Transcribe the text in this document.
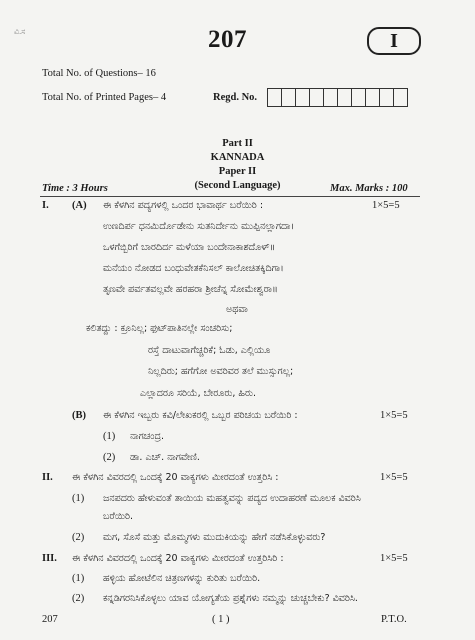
ವಿ.ಸ	207	I
Total No. of Questions– 16
Total No. of Printed Pages– 4	Regd. No.
Part II
KANNADA
Paper II
(Second Language)
Time : 3 Hours	Max. Marks : 100
I. (A) ಈ ಕೆಳಗಿನ ಪದ್ಯಗಳಲ್ಲಿ ಒಂದರ ಭಾವಾರ್ಥ ಬರೆಯಿರಿ :	1×5=5
ಉಣದಿರ್ಪ ಧನಮಿರ್ದೊಡೇನು ಸುತನಿರ್ದೇನು ಮುಪ್ಪಿನಲ್ಲಾಗದಾ।
ಒಳಗೆಬ್ಬಿರಿಗೆ ಬಾರದಿರ್ದ ಮಳೆಯಾ ಬಂದೇನಾಕಾಶದೊಳ್॥
ಮನೆಯಂ ನೋಡದ ಬಂಧುವೇತಕೆನಿಸಲ್ ಕಾಲೋಚಿತಕ್ಕಿದಿಗಾ।
ತೃಣವೇ ಪರ್ವತವಲ್ಲವೇ ಹರಹರಾ ಶ್ರೀಚೆನ್ನ ಸೋಮೇಶ್ವರಾ॥
ಅಥವಾ
ಕಲಿತದ್ದು : ಕ್ರೂನಿಲ್ಲ; ಫುಟ್‌ಪಾತಿನಲ್ಲೇ ಸಂಚರಿಸು;
ರಸ್ತೆ ದಾಟುವಾಗೆಚ್ಚರಿಕೆ; ಓಡು, ಎಲ್ಲಿಯೂ
ನಿಲ್ಲದಿರು; ಹಗೆಗೋ ಅವರಿವರ ತಲೆ ಮುಸ್ಸುಗಲ್ಲ;
ಎಲ್ಲಾದರೂ ಸರಿಯೆ, ಬೇರೂರು, ಹಿರು.
(B) ಈ ಕೆಳಗಿನ ಇಬ್ಬರು ಕವಿ/ಲೇಖಕರಲ್ಲಿ ಒಬ್ಬರ ಪರಿಚಯ ಬರೆಯಿರಿ :	1×5=5
(1) ನಾಗಚಂದ್ರ.
(2) ಡಾ. ಎಚ್. ನಾಗವೇಣಿ.
II. ಈ ಕೆಳಗಿನ ವಿವರದಲ್ಲಿ ಒಂದಕ್ಕೆ 20 ವಾಕ್ಯಗಳು ಮೀರದಂತೆ ಉತ್ತರಿಸಿ :	1×5=5
(1) ಜನಪದರು ಹೇಳುವಂತೆ ತಾಯಿಯ ಮಹತ್ವವನ್ನು ಪದ್ಯದ ಉದಾಹರಣೆ ಮೂಲಕ ವಿವರಿಸಿ
ಬರೆಯಿರಿ.
(2) ಮಗ, ಸೊಸೆ ಮತ್ತು ಮೊಮ್ಮಗಳು ಮುದುಕಿಯನ್ನು ಹೇಗೆ ನಡೆಸಿಕೊಳ್ಳುವರು?
III. ಈ ಕೆಳಗಿನ ವಿವರದಲ್ಲಿ ಒಂದಕ್ಕೆ 20 ವಾಕ್ಯಗಳು ಮೀರದಂತೆ ಉತ್ತರಿಸಿರಿ :	1×5=5
(1) ಹಳ್ಳಿಯ ಹೋಟೆಲಿನ ಚಿತ್ರಣಗಳನ್ನು ಕುರಿತು ಬರೆಯಿರಿ.
(2) ಕನ್ನಡಿಗರನಿಸಿಕೊಳ್ಳಲು ಯಾವ ಯೋಗ್ಯತೆಯ ಪ್ರಶ್ನೆಗಳು ನಮ್ಮನ್ನು ಚುಚ್ಚಬೇಕು? ವಿವರಿಸಿ.
207	( 1 )	P.T.O.
